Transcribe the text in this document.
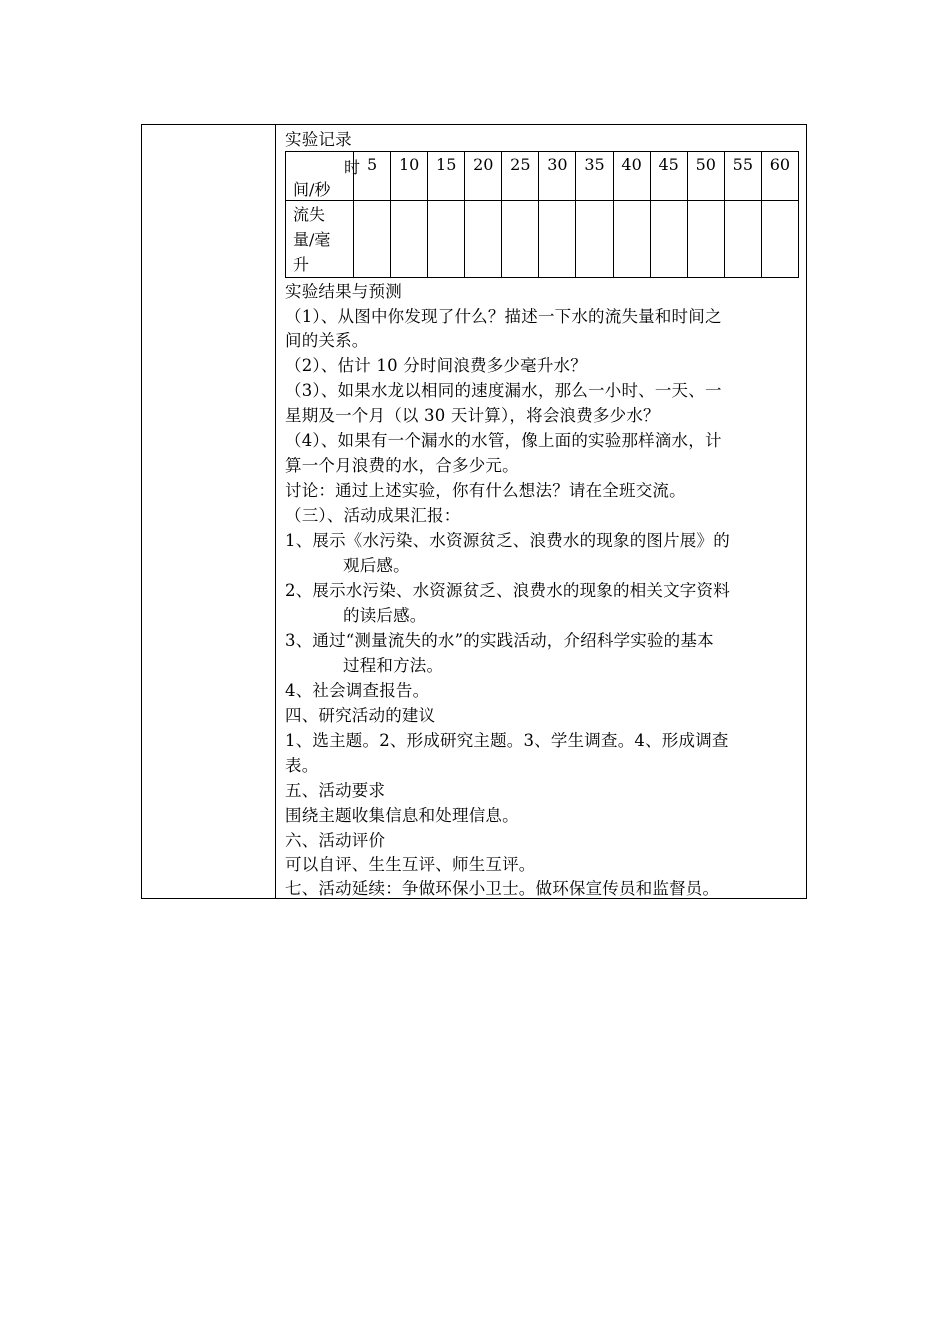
实验记录
时
间/秒	5	10	15	20	25	30	35	40	45	50	55	60

流失
量/毫
升												

实验结果与预测
（1）、从图中你发现了什么？描述一下水的流失量和时间之
间的关系。
（2）、估计 10 分时间浪费多少毫升水？
（3）、如果水龙以相同的速度漏水，那么一小时、一天、一
星期及一个月（以 30 天计算），将会浪费多少水？
（4）、如果有一个漏水的水管，像上面的实验那样滴水，计
算一个月浪费的水，合多少元。
讨论：通过上述实验，你有什么想法？请在全班交流。
（三）、活动成果汇报：
1、展示《水污染、水资源贫乏、浪费水的现象的图片展》的
观后感。
2、展示水污染、水资源贫乏、浪费水的现象的相关文字资料
的读后感。
3、通过“测量流失的水”的实践活动，介绍科学实验的基本
过程和方法。
4、社会调查报告。
四、研究活动的建议
1、选主题。2、形成研究主题。3、学生调查。4、形成调查
表。
五、活动要求
围绕主题收集信息和处理信息。
六、活动评价
可以自评、生生互评、师生互评。
七、活动延续：争做环保小卫士。做环保宣传员和监督员。
